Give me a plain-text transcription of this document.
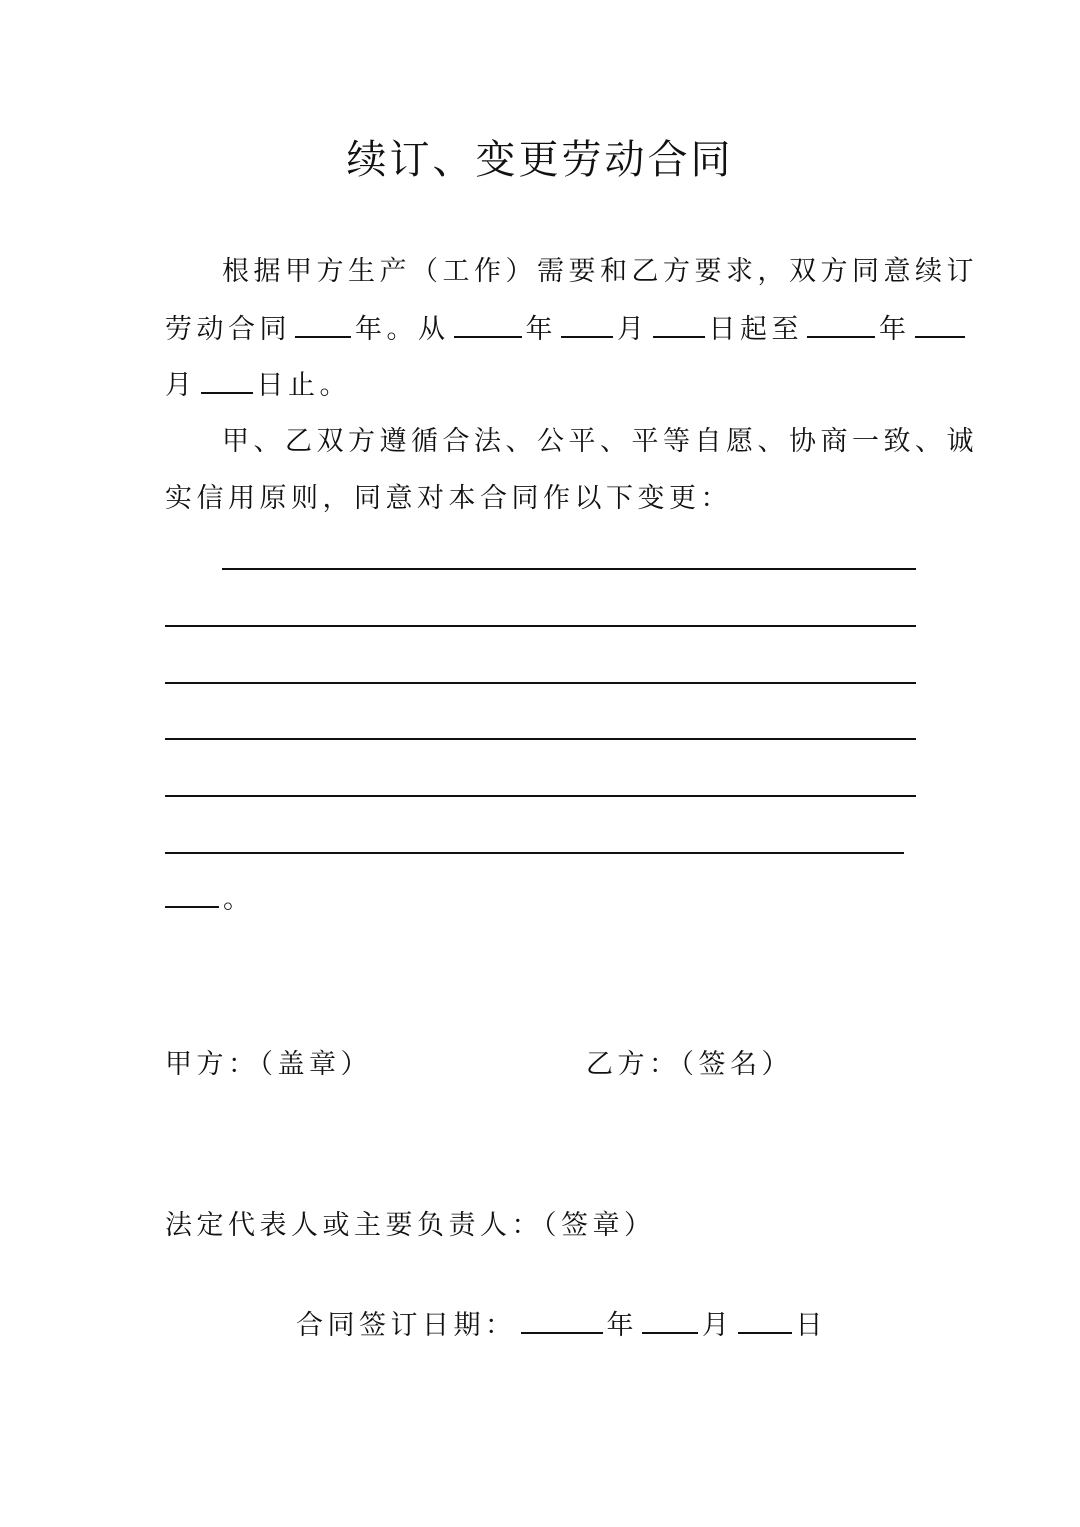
续订、变更劳动合同
根据甲方生产（工作）需要和乙方要求，双方同意续订
劳动合同 年。从	年 月 日起至	年
月 日止。
甲、乙双方遵循合法、公平、平等自愿、协商一致、诚
实信用原则，同意对本合同作以下变更：
。
甲方：（盖章）	乙方：（签名）
法定代表人或主要负责人：（签章）
合同签订日期：	年 月 日
